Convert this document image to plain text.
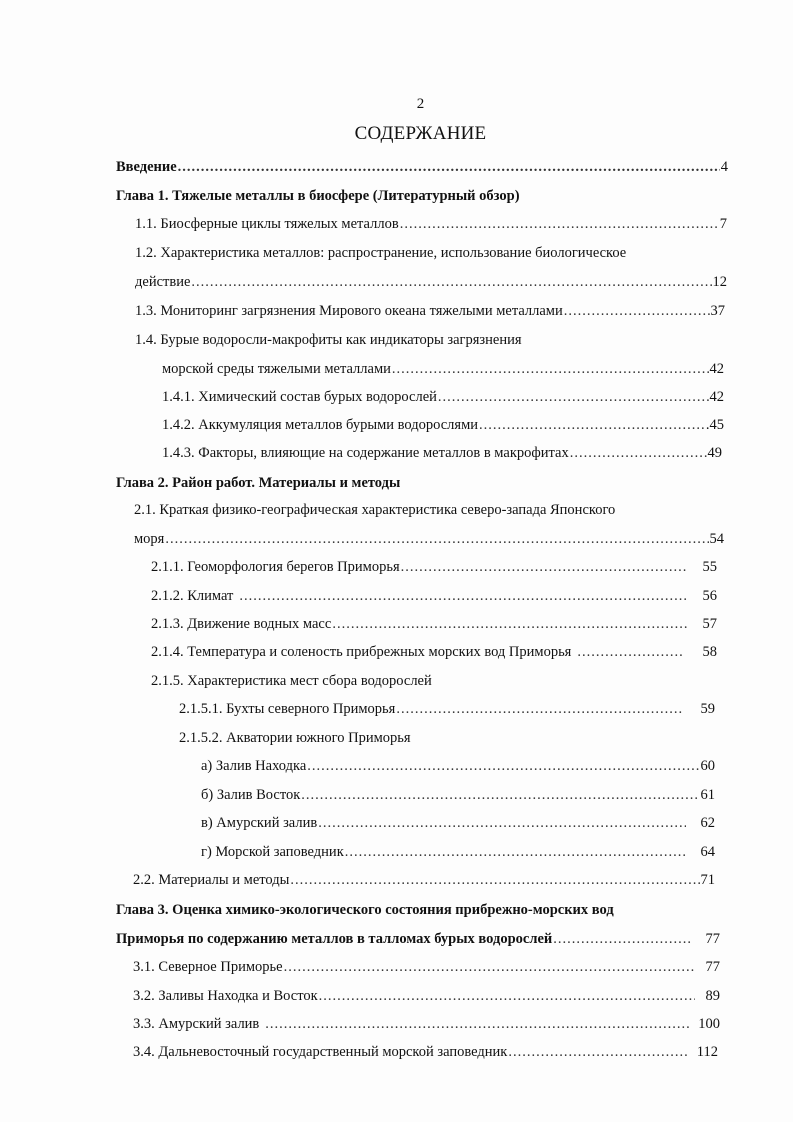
2
СОДЕРЖАНИЕ
Введение .....	4
Глава 1. Тяжелые металлы в биосфере (Литературный обзор)
1.1. Биосферные циклы тяжелых металлов .....	7
1.2. Характеристика металлов: распространение, использование биологическое
действие .....	12
1.3. Мониторинг загрязнения Мирового океана тяжелыми металлами .....	37
1.4. Бурые водоросли-макрофиты как индикаторы загрязнения
морской среды тяжелыми металлами .....	42
1.4.1. Химический состав бурых водорослей .....	42
1.4.2. Аккумуляция металлов бурыми водорослями .....	.45
1.4.3. Факторы, влияющие на содержание металлов в макрофитах .....	49
Глава 2. Район работ. Материалы и методы
2.1. Краткая физико-географическая характеристика северо-запада Японского
моря .....	54
2.1.1. Геоморфология берегов Приморья .....	55
2.1.2. Климат .....	56
2.1.3. Движение водных масс .....	57
2.1.4. Температура и соленость прибрежных морских вод Приморья .....	58
2.1.5. Характеристика мест сбора водорослей
2.1.5.1. Бухты северного Приморья .....	59
2.1.5.2. Акватории южного Приморья
а) Залив Находка .....	60
б) Залив Восток .....	61
в) Амурский залив .....	62
г) Морской заповедник .....	64
2.2. Материалы и методы .....	71
Глава 3. Оценка химико-экологического состояния прибрежно-морских вод
Приморья по содержанию металлов в талломах бурых водорослей .....	77
3.1. Северное Приморье .....	77
3.2. Заливы Находка и Восток .....	89
3.3. Амурский залив .....	100
3.4. Дальневосточный государственный морской заповедник .....	112
